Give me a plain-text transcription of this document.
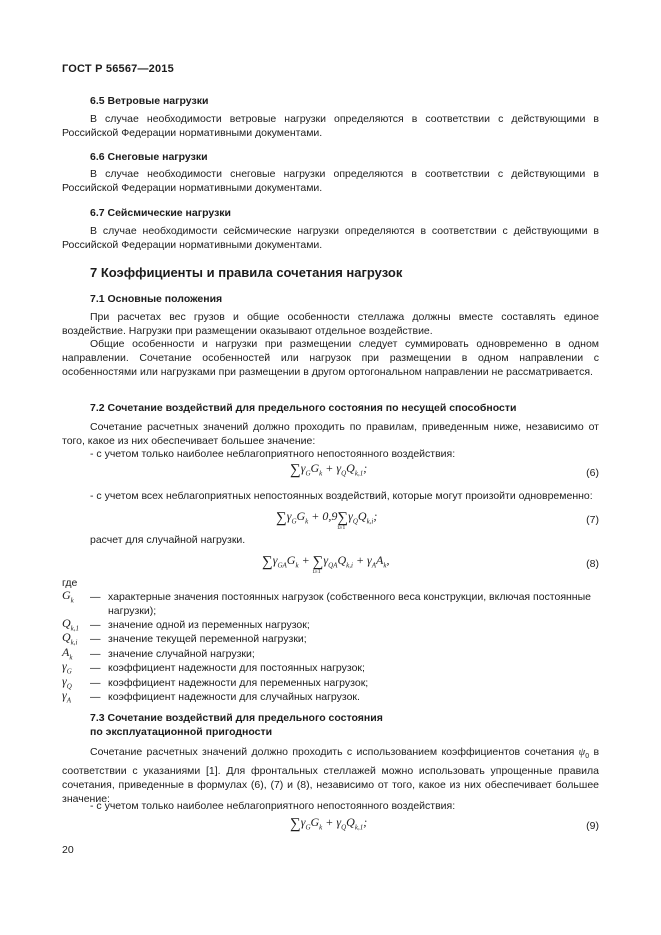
ГОСТ Р 56567—2015
6.5 Ветровые нагрузки
В случае необходимости ветровые нагрузки определяются в соответствии с действующими в Российской Федерации нормативными документами.
6.6 Снеговые нагрузки
В случае необходимости снеговые нагрузки определяются в соответствии с действующими в Российской Федерации нормативными документами.
6.7 Сейсмические нагрузки
В случае необходимости сейсмические нагрузки определяются в соответствии с действующими в Российской Федерации нормативными документами.
7 Коэффициенты и правила сочетания нагрузок
7.1 Основные положения
При расчетах вес грузов и общие особенности стеллажа должны вместе составлять единое воздействие. Нагрузки при размещении оказывают отдельное воздействие.
Общие особенности и нагрузки при размещении следует суммировать одновременно в одном направлении. Сочетание особенностей или нагрузок при размещении в одном направлении с особенностями или нагрузками при размещении в другом ортогональном направлении не рассматривается.
7.2 Сочетание воздействий для предельного состояния по несущей способности
Сочетание расчетных значений должно проходить по правилам, приведенным ниже, независимо от того, какое из них обеспечивает большее значение:
- с учетом только наиболее неблагоприятного непостоянного воздействия:
$\sum\gamma_GG_k + \gamma_QQ_{k,1}$;	(6)
- с учетом всех неблагоприятных непостоянных воздействий, которые могут произойти одновременно:
$\sum\gamma_GG_k + 0,9\sum$
i≥1
$\gamma_QQ_{k,i}$;	(7)
расчет для случайной нагрузки.
$\sum\gamma_{GA}G_k$ + ∑
i≥1
$\gamma_{QA}Q_{k,i} + \gamma_AA_k$,	(8)
где
$G_k$ — характерные значения постоянных нагрузок (собственного веса конструкции, включая постоянные нагрузки);
$Q_{k,1}$ — значение одной из переменных нагрузок;
$Q_{k,i}$ — значение текущей переменной нагрузки;
$A_k$ — значение случайной нагрузки;
$\gamma_G$ — коэффициент надежности для постоянных нагрузок;
$\gamma_Q$ — коэффициент надежности для переменных нагрузок;
$\gamma_A$ — коэффициент надежности для случайных нагрузок.
7.3 Сочетание воздействий для предельного состояния
по эксплуатационной пригодности
Сочетание расчетных значений должно проходить с использованием коэффициентов сочетания $\psi_0$ в соответствии с указаниями [1]. Для фронтальных стеллажей можно использовать упрощенные правила сочетания, приведенные в формулах (6), (7) и (8), независимо от того, какое из них обеспечивает большее значение:
- с учетом только наиболее неблагоприятного непостоянного воздействия:
$\sum\gamma_GG_k + \gamma_QQ_{k,1}$;	(9)
20
